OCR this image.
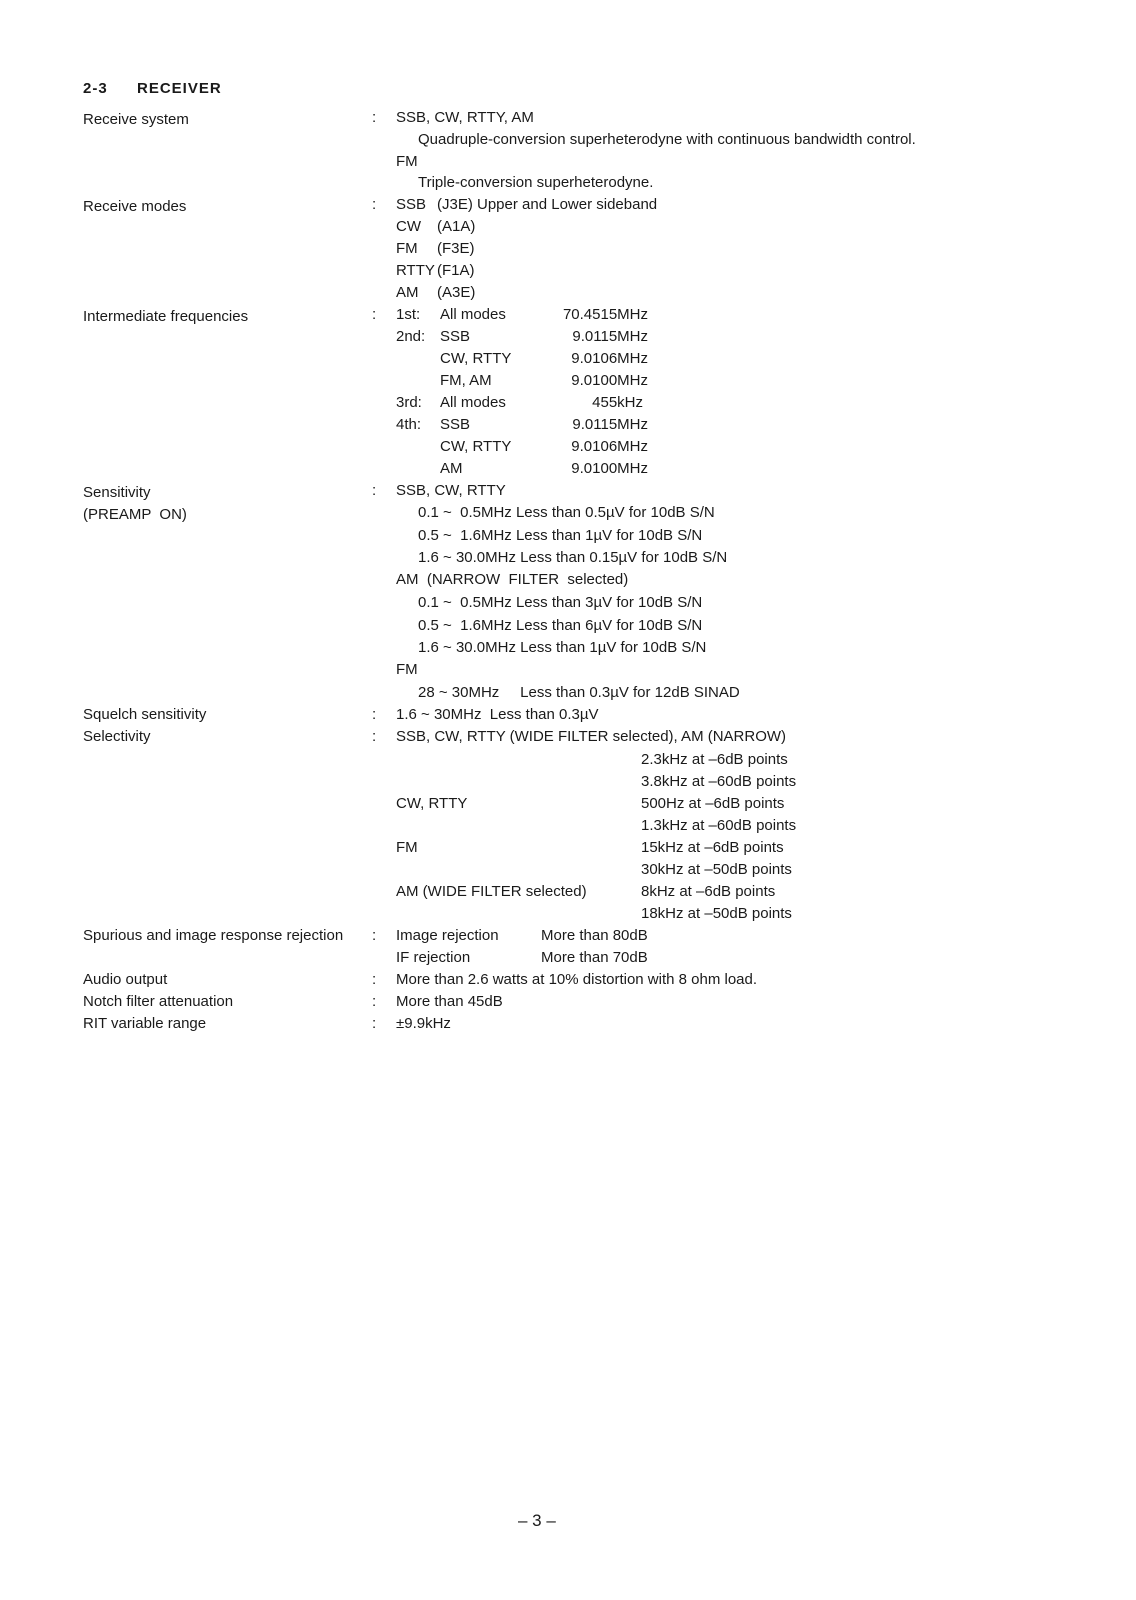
2-3 RECEIVER
Receive system	: SSB, CW, RTTY, AM
Quadruple-conversion superheterodyne with continuous bandwidth control.
FM
Triple-conversion superheterodyne.
Receive modes	: SSB (J3E) Upper and Lower sideband
CW (A1A)
FM (F3E)
RTTY (F1A)
AM (A3E)
Intermediate frequencies	: 1st: All modes	70.4515MHz
2nd: SSB	9.0115MHz
CW, RTTY	9.0106MHz
FM, AM	9.0100MHz
3rd: All modes	455kHz
4th: SSB	9.0115MHz
CW, RTTY	9.0106MHz
AM	9.0100MHz
Sensitivity
(PREAMP  ON)
: SSB, CW, RTTY
0.1 ~  0.5MHz Less than 0.5µV for 10dB S/N
0.5 ~  1.6MHz Less than 1µV for 10dB S/N
1.6 ~ 30.0MHz Less than 0.15µV for 10dB S/N
AM  (NARROW  FILTER  selected)
0.1 ~  0.5MHz Less than 3µV for 10dB S/N
0.5 ~  1.6MHz Less than 6µV for 10dB S/N
1.6 ~ 30.0MHz Less than 1µV for 10dB S/N
FM
28 ~ 30MHz     Less than 0.3µV for 12dB SINAD
Squelch sensitivity	: 1.6 ~ 30MHz  Less than 0.3µV
Selectivity	: SSB, CW, RTTY (WIDE FILTER selected), AM (NARROW)
2.3kHz at –6dB points
3.8kHz at –60dB points
CW, RTTY	500Hz at –6dB points
1.3kHz at –60dB points
FM	15kHz at –6dB points
30kHz at –50dB points
AM (WIDE FILTER selected)	8kHz at –6dB points
18kHz at –50dB points
Spurious and image response rejection : Image rejection	More than 80dB
IF rejection	More than 70dB
Audio output	: More than 2.6 watts at 10% distortion with 8 ohm load.
Notch filter attenuation	: More than 45dB
RIT variable range	: ±9.9kHz
– 3 –
